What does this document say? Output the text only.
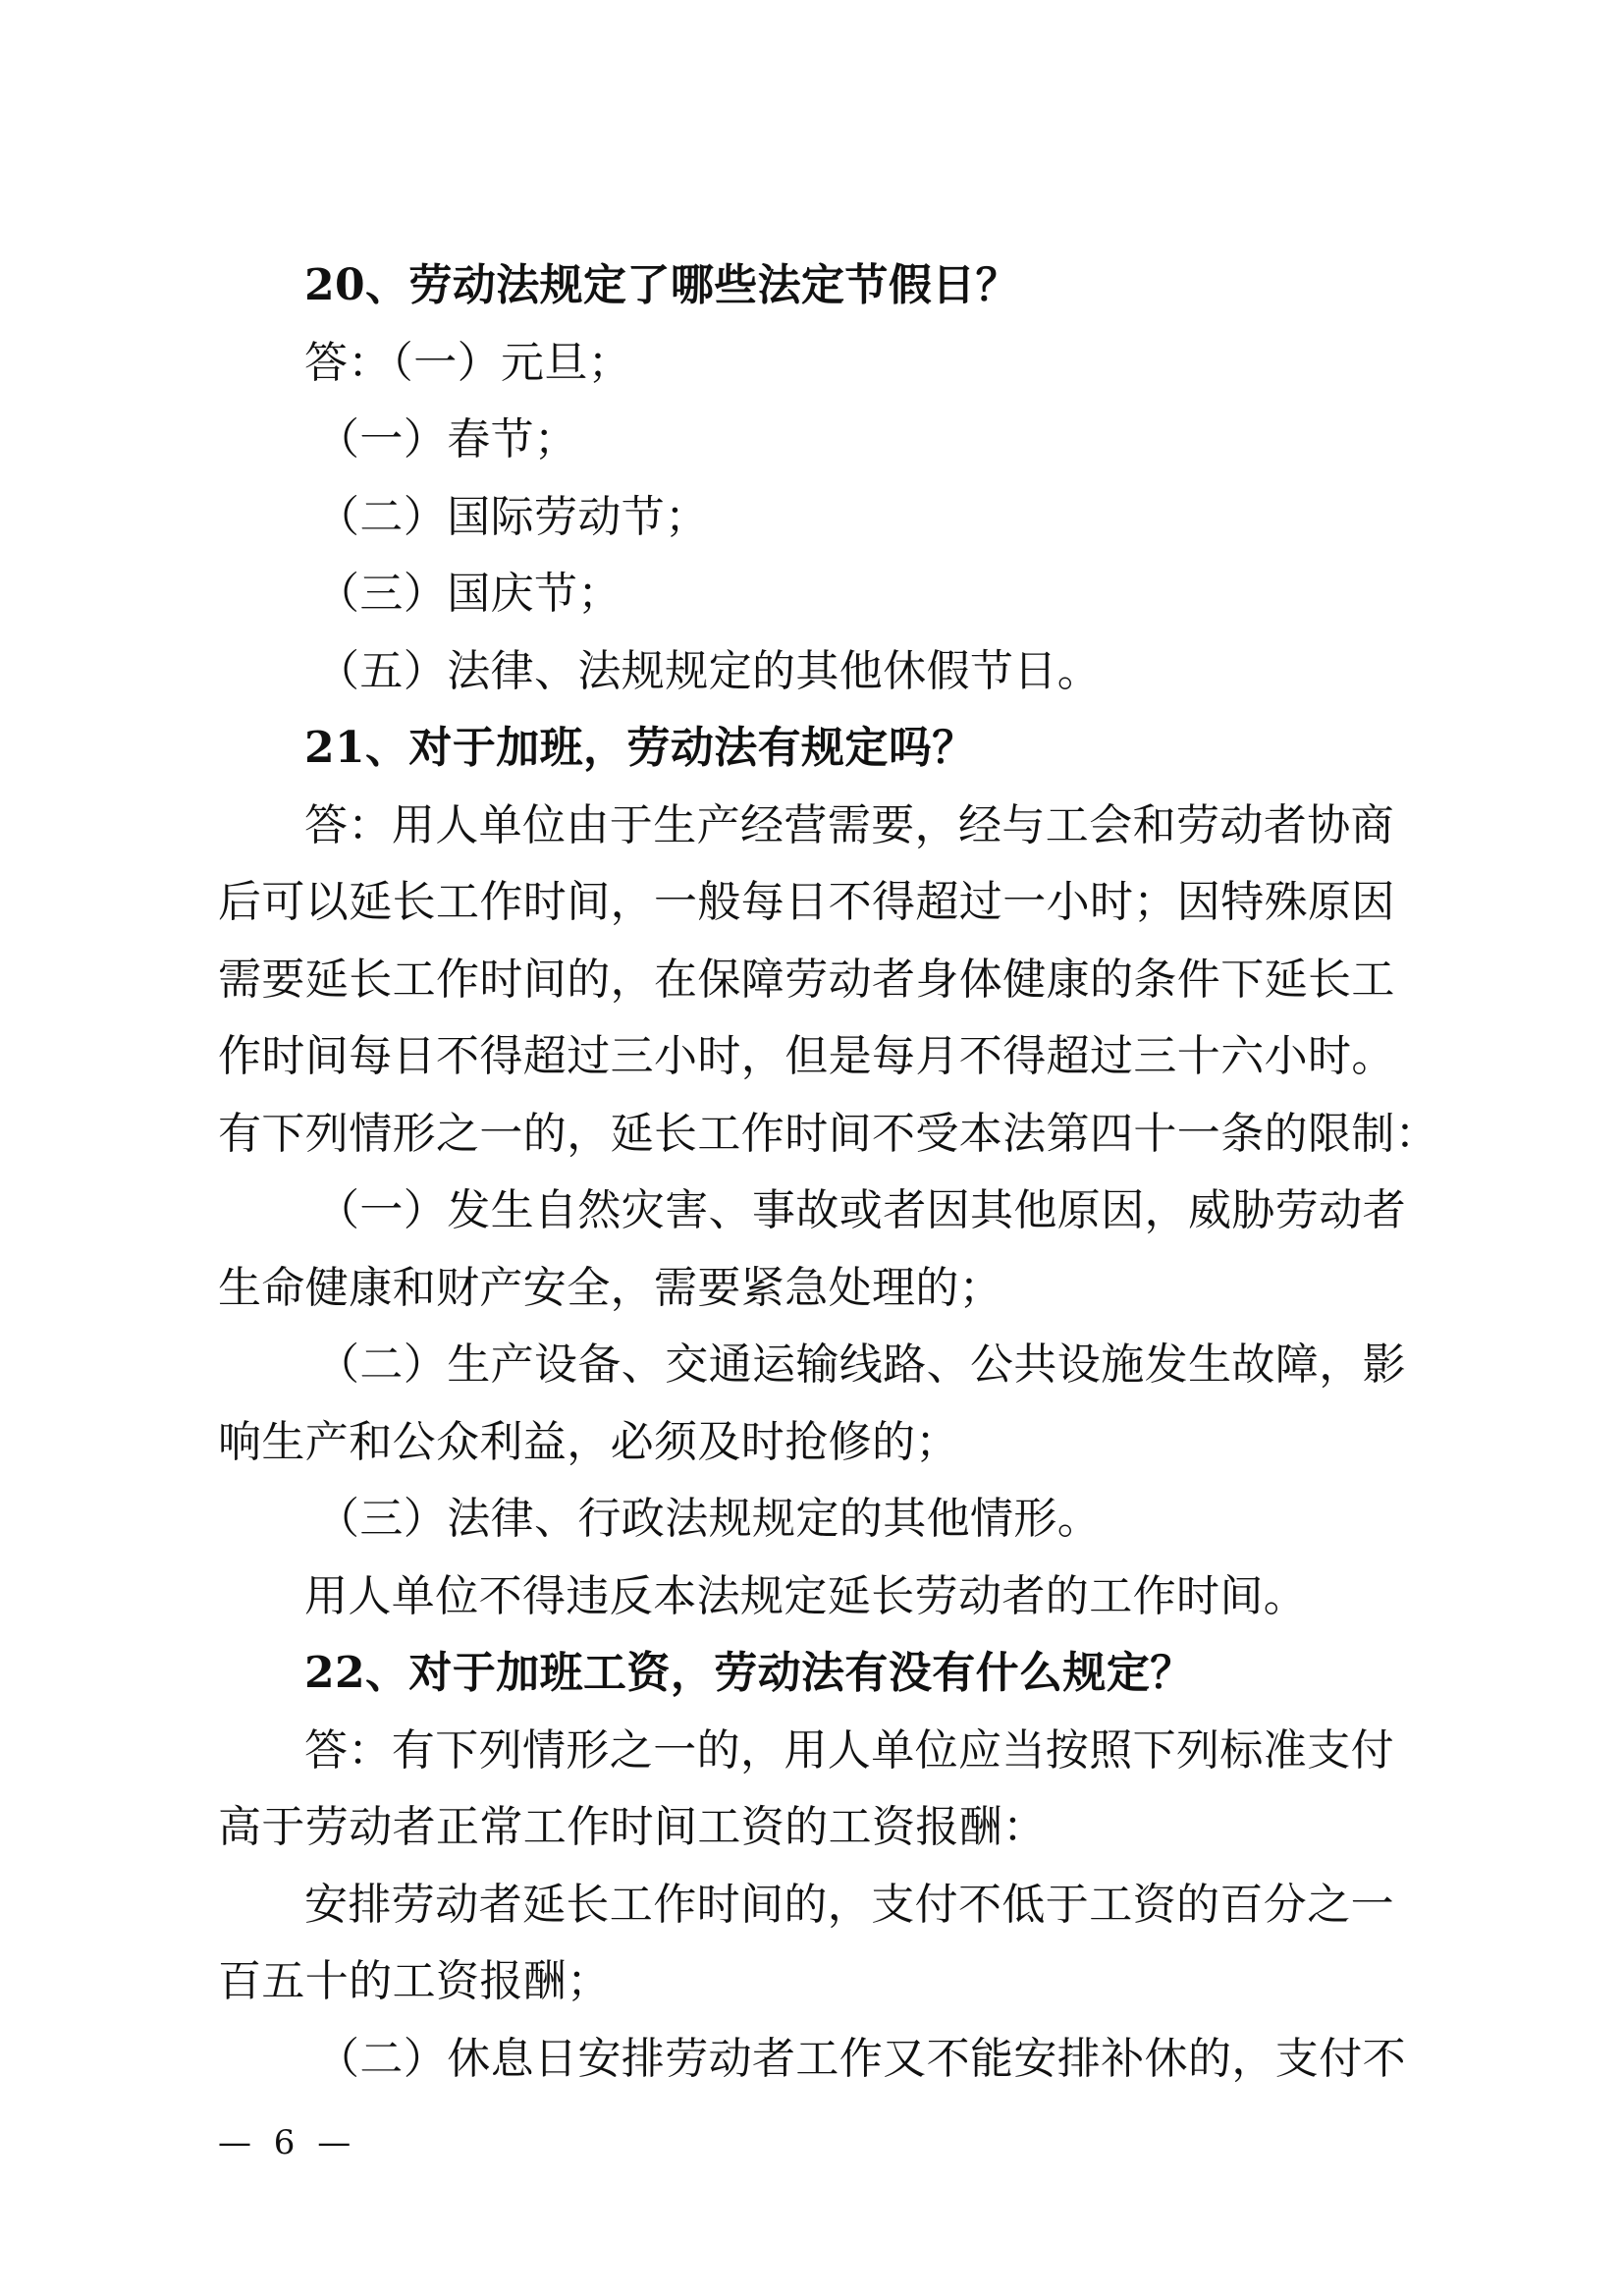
20、劳动法规定了哪些法定节假日？
答：（一）元旦；
（一）春节；
（二）国际劳动节；
（三）国庆节；
（五）法律、法规规定的其他休假节日。
21、对于加班，劳动法有规定吗？
答：用人单位由于生产经营需要，经与工会和劳动者协商
后可以延长工作时间，一般每日不得超过一小时；因特殊原因
需要延长工作时间的，在保障劳动者身体健康的条件下延长工
作时间每日不得超过三小时，但是每月不得超过三十六小时。
有下列情形之一的，延长工作时间不受本法第四十一条的限制：
（一）发生自然灾害、事故或者因其他原因，威胁劳动者
生命健康和财产安全，需要紧急处理的；
（二）生产设备、交通运输线路、公共设施发生故障，影
响生产和公众利益，必须及时抢修的；
（三）法律、行政法规规定的其他情形。
用人单位不得违反本法规定延长劳动者的工作时间。
22、对于加班工资，劳动法有没有什么规定？
答：有下列情形之一的，用人单位应当按照下列标准支付
高于劳动者正常工作时间工资的工资报酬：
安排劳动者延长工作时间的，支付不低于工资的百分之一
百五十的工资报酬；
（二）休息日安排劳动者工作又不能安排补休的，支付不
— 6 —
